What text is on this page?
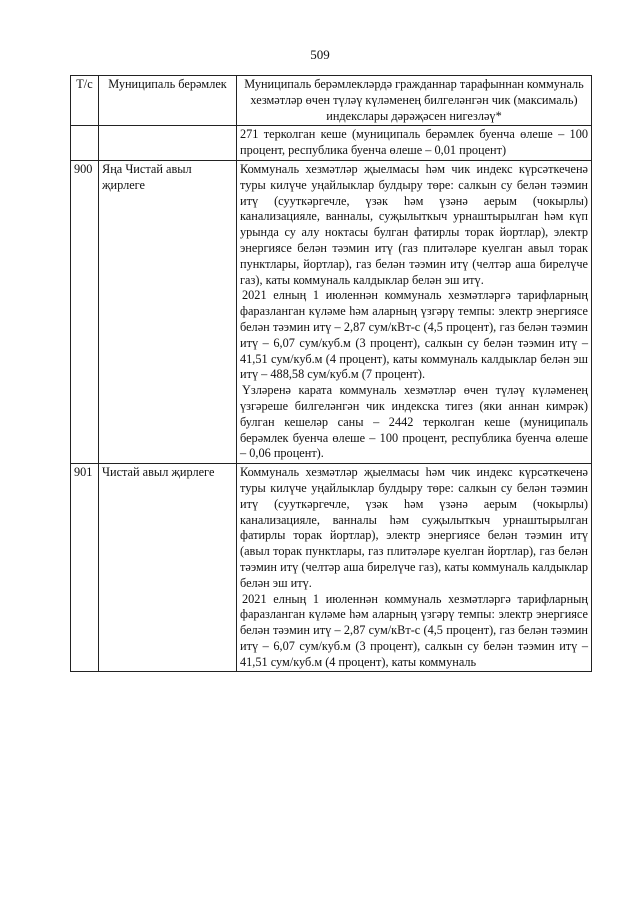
509
Т/с	Муниципаль берәмлек	Муниципаль берәмлекләрдә гражданнар тарафыннан коммуналь хезмәтләр өчен түләү күләменең билгеләнгән чик (максималь) индекслары дәрәҗәсен нигезләү*

		271 терколган кеше (муниципаль берәмлек буенча өлеше – 100 процент, республика буенча өлеше – 0,01 процент)

900	Яңа Чистай авыл җирлеге	Коммуналь хезмәтләр җыелмасы һәм чик индекс күрсәткеченә туры килүче уңайлыклар булдыру төре: салкын су белән тәэмин итү (сууткәргечле, үзәк һәм үзәнә аерым (чокырлы) канализацияле, ванналы, суҗылыткыч урнаштырылган һәм күп урында су алу ноктасы булган фатирлы торак йортлар), электр энергиясе белән тәэмин итү (газ плитәләре куелган авыл торак пунктлары, йортлар), газ белән тәэмин итү (челтәр аша бирелүче газ), каты коммуналь калдыклар белән эш итү.

2021 елның 1 июленнән коммуналь хезмәтләргә тарифларның фаразланган күләме һәм аларның үзгәрү темпы: электр энергиясе белән тәэмин итү – 2,87 сум/кВт-с (4,5 процент), газ белән тәэмин итү – 6,07 сум/куб.м (3 процент), салкын су белән тәэмин итү – 41,51 сум/куб.м (4 процент), каты коммуналь калдыклар белән эш итү – 488,58 сум/куб.м (7 процент).

Үзләренә карата коммуналь хезмәтләр өчен түләү күләменең үзгәреше билгеләнгән чик индекска тигез (яки аннан кимрәк) булган кешеләр саны – 2442 терколган кеше (муниципаль берәмлек буенча өлеше – 100 процент, республика буенча өлеше – 0,06 процент).

901	Чистай авыл җирлеге	Коммуналь хезмәтләр җыелмасы һәм чик индекс күрсәткеченә туры килүче уңайлыклар булдыру төре: салкын су белән тәэмин итү (сууткәргечле, үзәк һәм үзәнә аерым (чокырлы) канализацияле, ванналы һәм суҗылыткыч урнаштырылган фатирлы торак йортлар), электр энергиясе белән тәэмин итү (авыл торак пунктлары, газ плитәләре куелган йортлар), газ белән тәэмин итү (челтәр аша бирелүче газ), каты коммуналь калдыклар белән эш итү.

2021 елның 1 июленнән коммуналь хезмәтләргә тарифларның фаразланган күләме һәм аларның үзгәрү темпы: электр энергиясе белән тәэмин итү – 2,87 сум/кВт-с (4,5 процент), газ белән тәэмин итү – 6,07 сум/куб.м (3 процент), салкын су белән тәэмин итү – 41,51 сум/куб.м (4 процент), каты коммуналь
